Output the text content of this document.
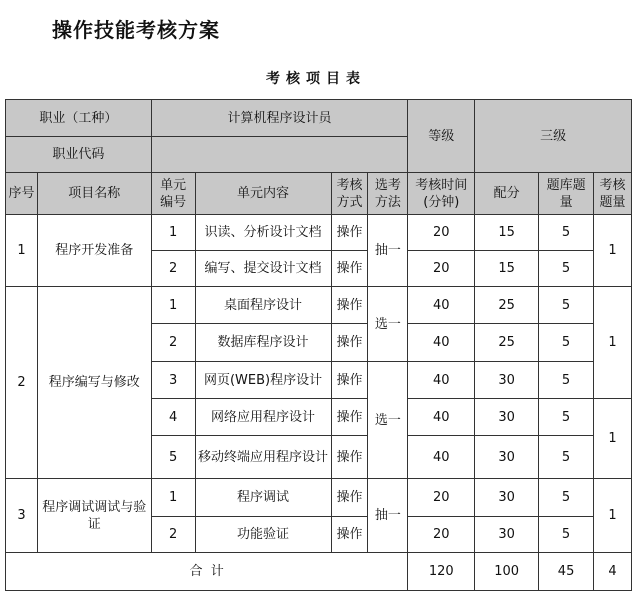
操作技能考核方案
考核项目表
职业（工种）		计算机程序设计员				等级	三级		
职业代码									
序号	项目名称	单元编号	单元内容	考核方式	选考方法	考核时间(分钟)	配分	题库题量	考核题量
1	程序开发准备	1	识读、分析设计文档	操作	抽一	20	15	5	1
		2	编写、提交设计文档	操作		20	15	5	
2	程序编写与修改	1	桌面程序设计	操作	选一	40	25	5	1
		2	数据库程序设计	操作		40	25	5	
		3	网页(WEB)程序设计	操作	选一	40	30	5	
		4	网络应用程序设计	操作		40	30	5	1
		5	移动终端应用程序设计	操作		40	30	5	
3	程序调试调试与验证	1	程序调试	操作	抽一	20	30	5	1
		2	功能验证	操作		20	30	5	
合  计						120	100	45	4
